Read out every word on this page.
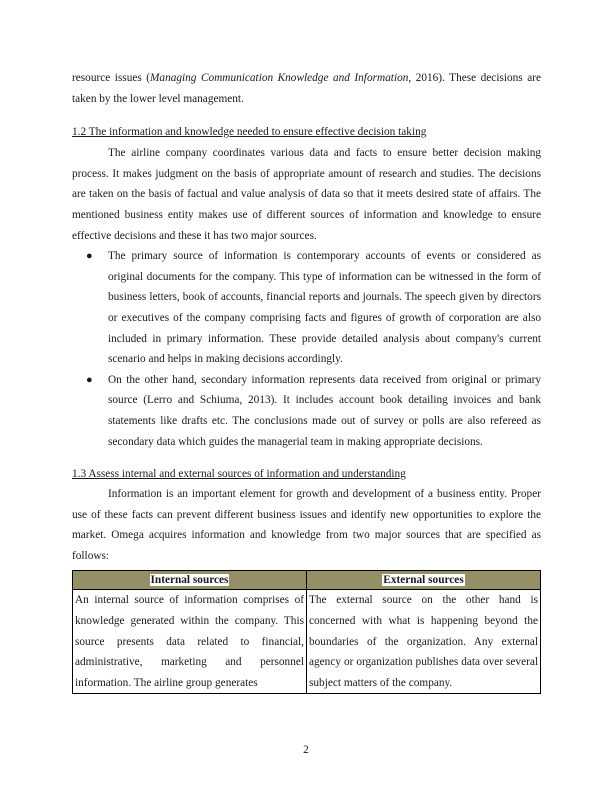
resource issues (Managing Communication Knowledge and Information, 2016). These decisions are taken by the lower level management.

1.2 The information and knowledge needed to ensure effective decision taking

The airline company coordinates various data and facts to ensure better decision making process. It makes judgment on the basis of appropriate amount of research and studies. The decisions are taken on the basis of factual and value analysis of data so that it meets desired state of affairs. The mentioned business entity makes use of different sources of information and knowledge to ensure effective decisions and these it has two major sources.

● The primary source of information is contemporary accounts of events or considered as original documents for the company. This type of information can be witnessed in the form of business letters, book of accounts, financial reports and journals. The speech given by directors or executives of the company comprising facts and figures of growth of corporation are also included in primary information. These provide detailed analysis about company's current scenario and helps in making decisions accordingly.
● On the other hand, secondary information represents data received from original or primary source (Lerro and Schiuma, 2013). It includes account book detailing invoices and bank statements like drafts etc. The conclusions made out of survey or polls are also refereed as secondary data which guides the managerial team in making appropriate decisions.

1.3 Assess internal and external sources of information and understanding

Information is an important element for growth and development of a business entity. Proper use of these facts can prevent different business issues and identify new opportunities to explore the market. Omega acquires information and knowledge from two major sources that are specified as follows:

Internal sources	External sources
An internal source of information comprises of knowledge generated within the company. This source presents data related to financial, administrative, marketing and personnel information. The airline group generates	The external source on the other hand is concerned with what is happening beyond the boundaries of the organization. Any external agency or organization publishes data over several subject matters of the company.
2
